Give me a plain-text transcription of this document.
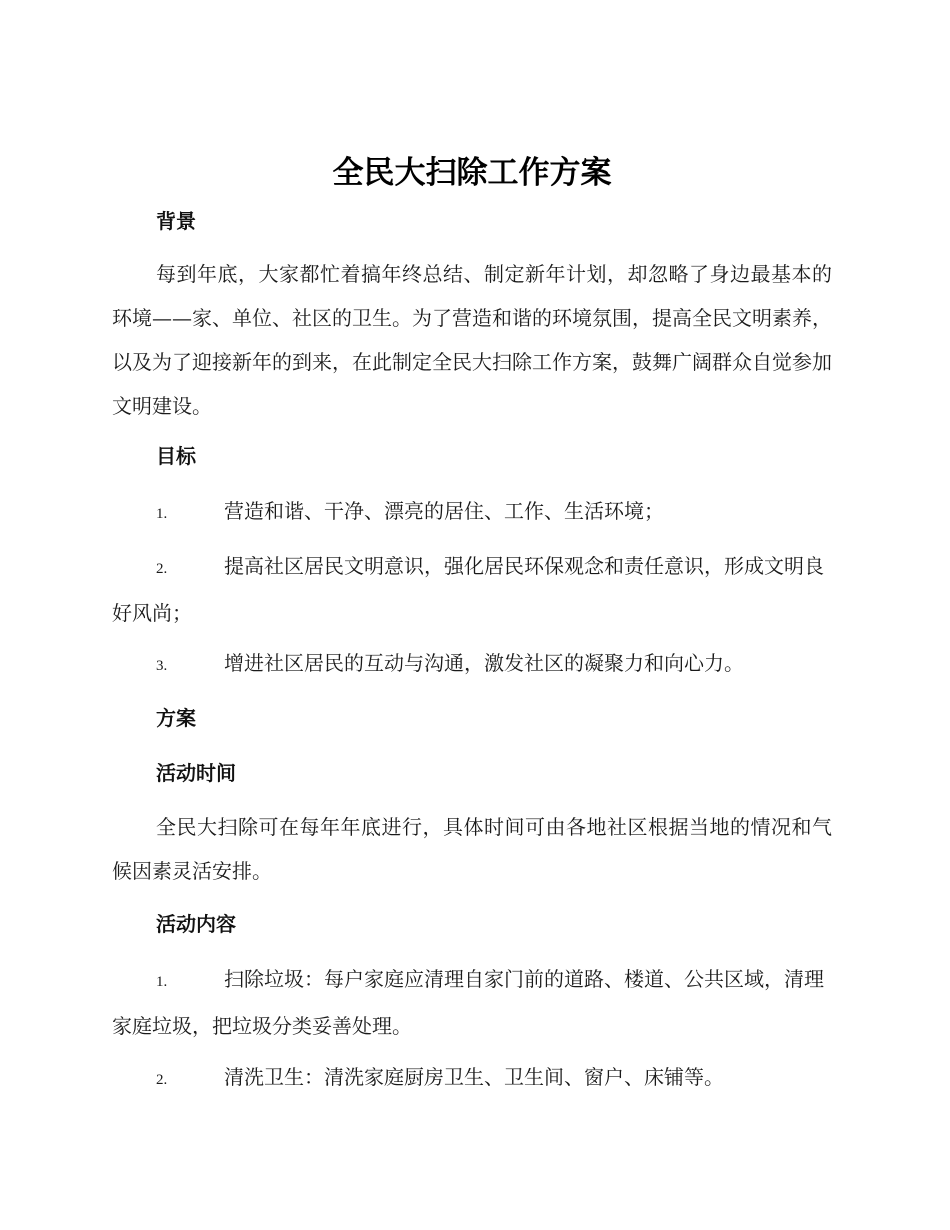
全民大扫除工作方案
背景

每到年底，大家都忙着搞年终总结、制定新年计划，却忽略了身边最基本的环境——家、单位、社区的卫生。为了营造和谐的环境氛围，提高全民文明素养，以及为了迎接新年的到来，在此制定全民大扫除工作方案，鼓舞广阔群众自觉参加文明建设。

目标

1.	营造和谐、干净、漂亮的居住、工作、生活环境；

2.	提高社区居民文明意识，强化居民环保观念和责任意识，形成文明良好风尚；

3.	增进社区居民的互动与沟通，激发社区的凝聚力和向心力。

方案
活动时间

全民大扫除可在每年年底进行，具体时间可由各地社区根据当地的情况和气候因素灵活安排。

活动内容

1.	扫除垃圾：每户家庭应清理自家门前的道路、楼道、公共区域，清理家庭垃圾，把垃圾分类妥善处理。

2.	清洗卫生：清洗家庭厨房卫生、卫生间、窗户、床铺等。
